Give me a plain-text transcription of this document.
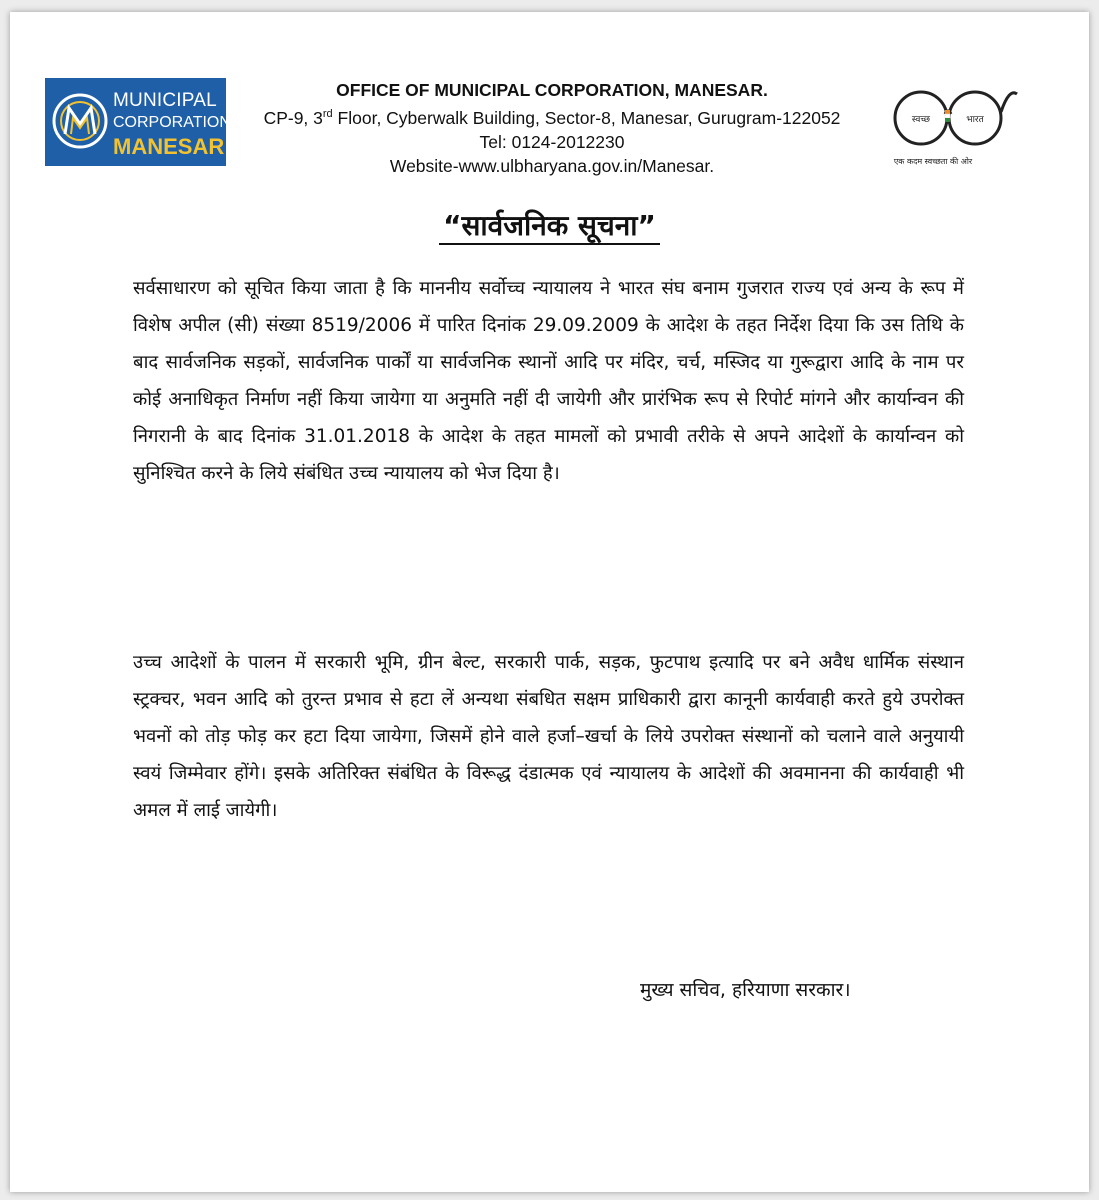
MUNICIPAL
CORPORATION
MANESAR
OFFICE OF MUNICIPAL CORPORATION, MANESAR.
CP-9, 3rd Floor, Cyberwalk Building, Sector-8, Manesar, Gurugram-122052
Tel: 0124-2012230
Website-www.ulbharyana.gov.in/Manesar.
स्वच्छ	भारत
एक कदम स्वच्छता की ओर
“सार्वजनिक सूचना”
सर्वसाधारण को सूचित किया जाता है कि माननीय सर्वोच्च न्यायालय ने भारत संघ बनाम गुजरात राज्य एवं अन्य के रूप में विशेष अपील (सी) संख्या 8519/2006 में पारित दिनांक 29.09.2009 के आदेश के तहत निर्देश दिया कि उस तिथि के बाद सार्वजनिक सड़कों, सार्वजनिक पार्कों या सार्वजनिक स्थानों आदि पर मंदिर, चर्च, मस्जिद या गुरूद्वारा आदि के नाम पर कोई अनाधिकृत निर्माण नहीं किया जायेगा या अनुमति नहीं दी जायेगी और प्रारंभिक रूप से रिपोर्ट मांगने और कार्यान्वन की निगरानी के बाद दिनांक 31.01.2018 के आदेश के तहत मामलों को प्रभावी तरीके से अपने आदेशों के कार्यान्वन को सुनिश्चित करने के लिये संबंधित उच्च न्यायालय को भेज दिया है।
उच्च आदेशों के पालन में सरकारी भूमि, ग्रीन बेल्ट, सरकारी पार्क, सड़क, फुटपाथ इत्यादि पर बने अवैध धार्मिक संस्थान स्ट्रक्चर, भवन आदि को तुरन्त प्रभाव से हटा लें अन्यथा संबधित सक्षम प्राधिकारी द्वारा कानूनी कार्यवाही करते हुये उपरोक्त भवनों को तोड़ फोड़ कर हटा दिया जायेगा, जिसमें होने वाले हर्जा–खर्चा के लिये उपरोक्त संस्थानों को चलाने वाले अनुयायी स्वयं जिम्मेवार होंगे। इसके अतिरिक्त संबंधित के विरूद्ध दंडात्मक एवं न्यायालय के आदेशों की अवमानना की कार्यवाही भी अमल में लाई जायेगी।
मुख्य सचिव, हरियाणा सरकार।
